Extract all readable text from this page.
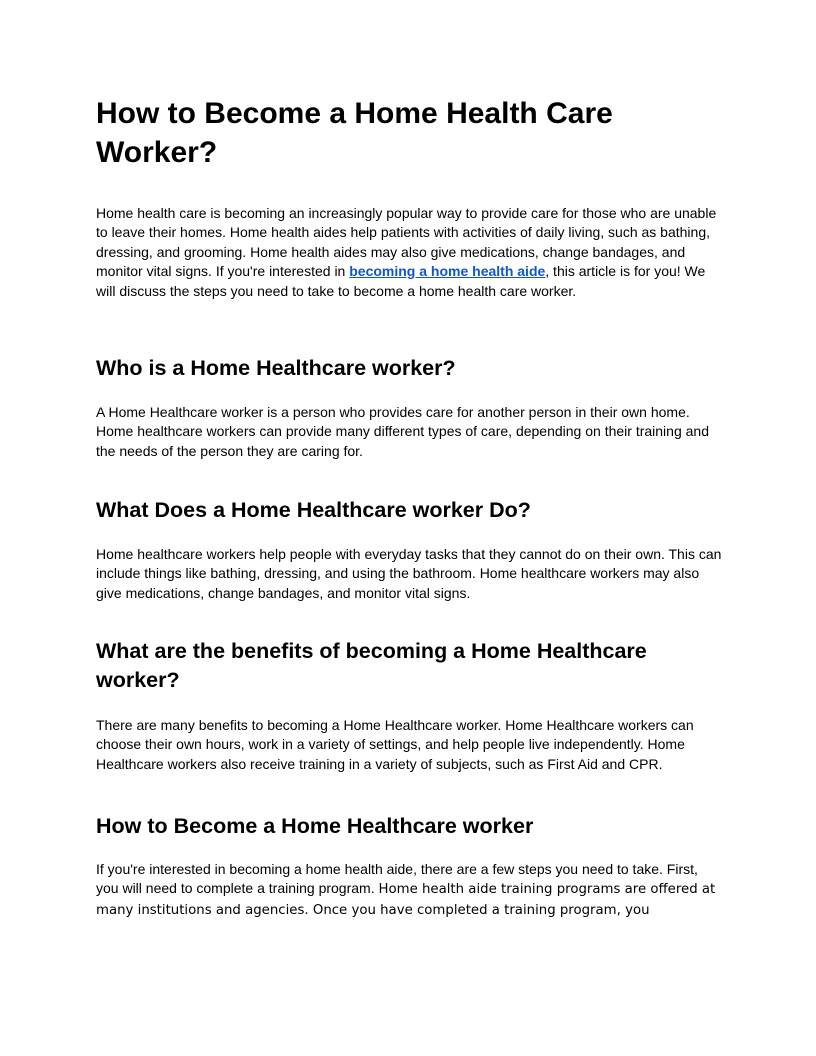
How to Become a Home Health Care Worker?

Home health care is becoming an increasingly popular way to provide care for those who are unable to leave their homes. Home health aides help patients with activities of daily living, such as bathing, dressing, and grooming. Home health aides may also give medications, change bandages, and monitor vital signs. If you're interested in becoming a home health aide, this article is for you! We will discuss the steps you need to take to become a home health care worker.

Who is a Home Healthcare worker?

A Home Healthcare worker is a person who provides care for another person in their own home. Home healthcare workers can provide many different types of care, depending on their training and the needs of the person they are caring for.

What Does a Home Healthcare worker Do?

Home healthcare workers help people with everyday tasks that they cannot do on their own. This can include things like bathing, dressing, and using the bathroom. Home healthcare workers may also give medications, change bandages, and monitor vital signs.

What are the benefits of becoming a Home Healthcare worker?

There are many benefits to becoming a Home Healthcare worker. Home Healthcare workers can choose their own hours, work in a variety of settings, and help people live independently. Home Healthcare workers also receive training in a variety of subjects, such as First Aid and CPR.

How to Become a Home Healthcare worker

If you're interested in becoming a home health aide, there are a few steps you need to take. First, you will need to complete a training program. Home health aide training programs are offered at many institutions and agencies. Once you have completed a training program, you
